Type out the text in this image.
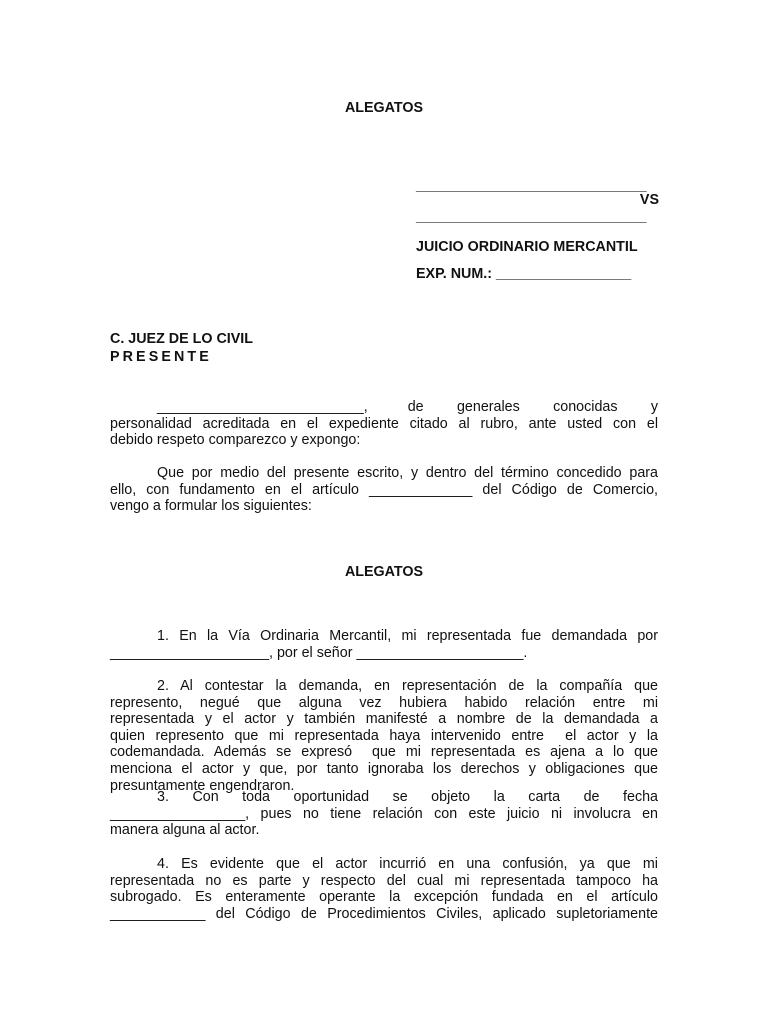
ALEGATOS
_____________________________
VS
_____________________________
JUICIO ORDINARIO MERCANTIL
EXP. NUM.: _________________
C. JUEZ DE LO CIVIL
PRESENTE
__________________________,      de     generales     conocidas     y
personalidad acreditada en el expediente citado al rubro, ante usted con el
debido respeto comparezco y expongo:
Que por medio del presente escrito, y dentro del término concedido para
ello, con fundamento en el artículo _____________ del Código de Comercio,
vengo a formular los siguientes:
ALEGATOS
1. En la Vía Ordinaria Mercantil, mi representada fue demandada por
____________________, por el señor _____________________.
2. Al contestar la demanda, en representación de la compañía que
represento, negué que alguna vez hubiera habido relación entre mi
representada y el actor y también manifesté a nombre de la demandada a
quien represento que mi representada haya intervenido entre  el actor y la
codemandada. Además se expresó  que mi representada es ajena a lo que
menciona el actor y que, por tanto ignoraba los derechos y obligaciones que
presuntamente engendraron.
3.  Con  toda  oportunidad  se  objeto  la  carta  de  fecha
_________________, pues no tiene relación con este juicio ni involucra en
manera alguna al actor.
4. Es evidente que el actor incurrió en una confusión, ya que mi
representada no es parte y respecto del cual mi representada tampoco ha
subrogado. Es enteramente operante la excepción fundada en el artículo
____________ del Código de Procedimientos Civiles, aplicado supletoriamente
